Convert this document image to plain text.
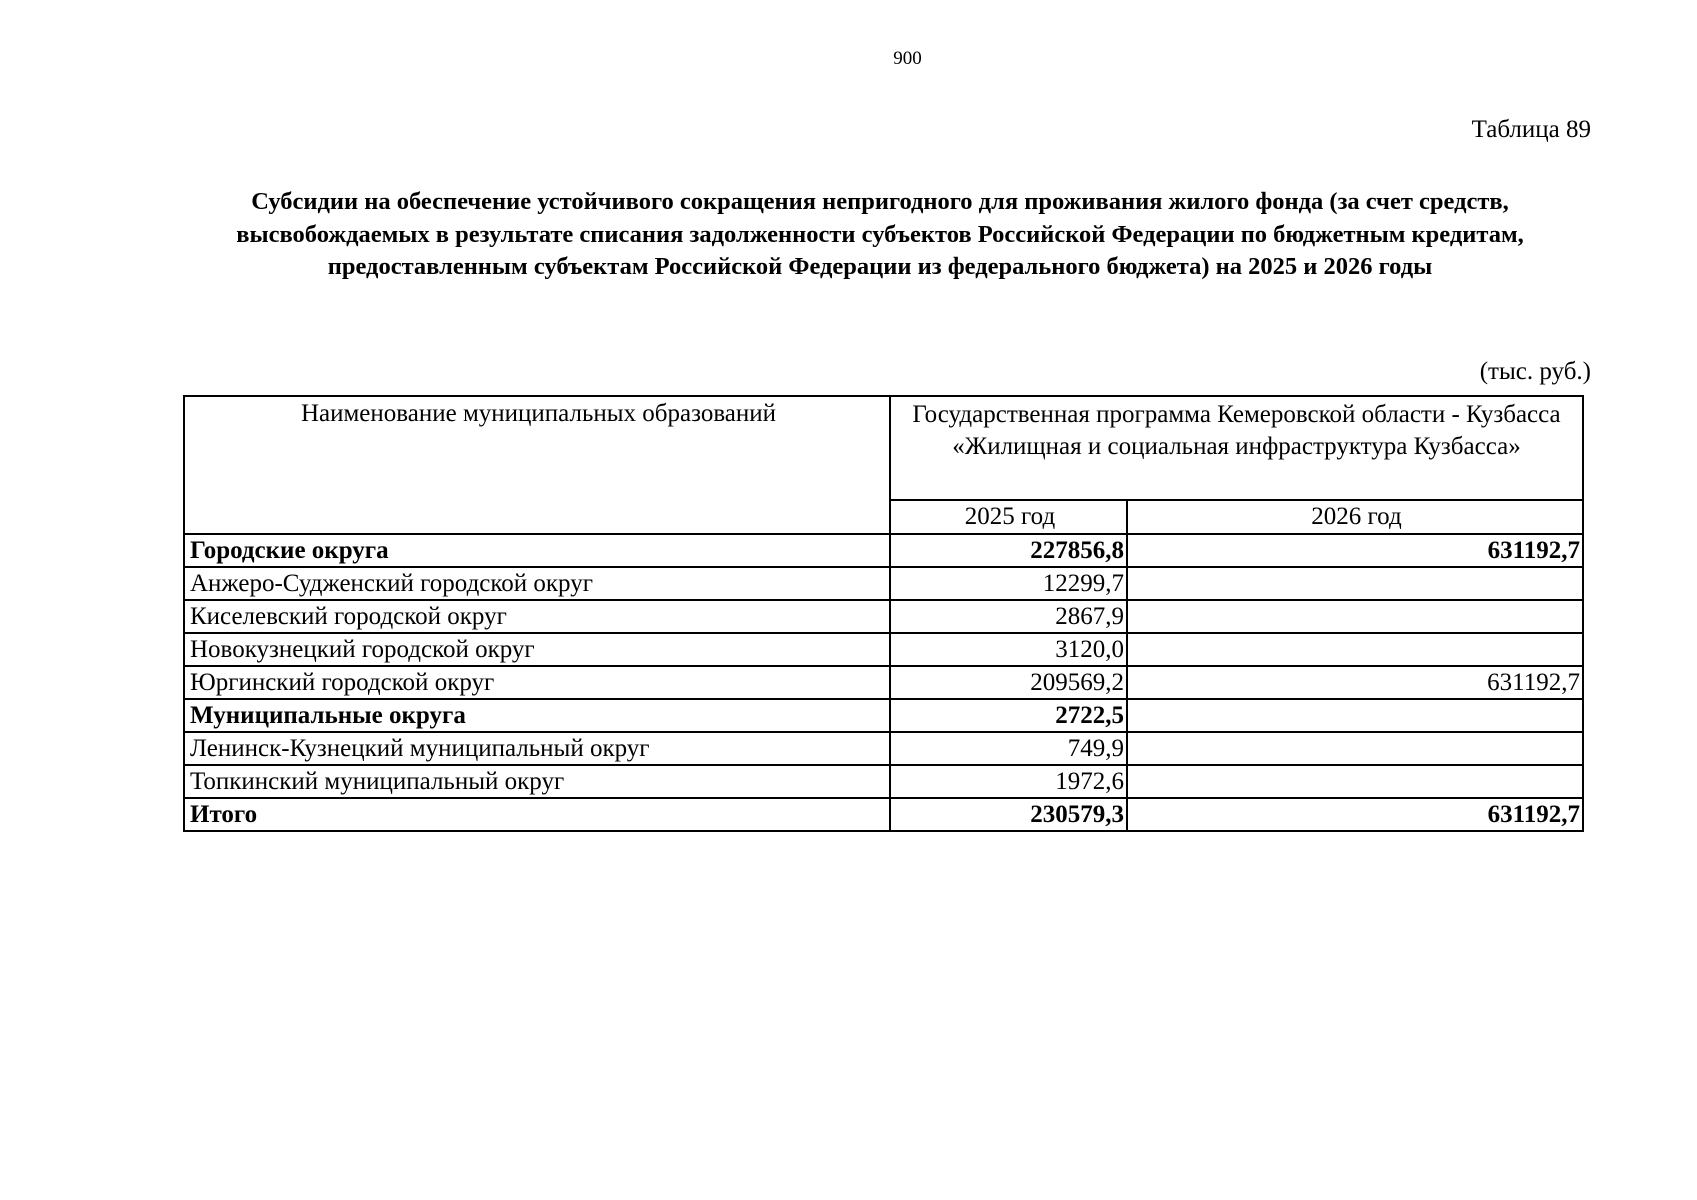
900
Таблица 89
Субсидии на обеспечение устойчивого сокращения непригодного для проживания жилого фонда (за счет средств,
высвобождаемых в результате списания задолженности субъектов Российской Федерации по бюджетным кредитам,
предоставленным субъектам Российской Федерации из федерального бюджета) на 2025 и 2026 годы
(тыс. руб.)
Наименование муниципальных образований	Государственная программа Кемеровской области - Кузбасса
«Жилищная и социальная инфраструктура Кузбасса»	

	2025 год	2026 год
Городские округа	227856,8	631192,7
Анжеро-Судженский городской округ	12299,7	
Киселевский городской округ	2867,9	
Новокузнецкий городской округ	3120,0	
Юргинский городской округ	209569,2	631192,7
Муниципальные округа	2722,5	
Ленинск-Кузнецкий муниципальный округ	749,9	
Топкинский муниципальный округ	1972,6	
Итого	230579,3	631192,7
